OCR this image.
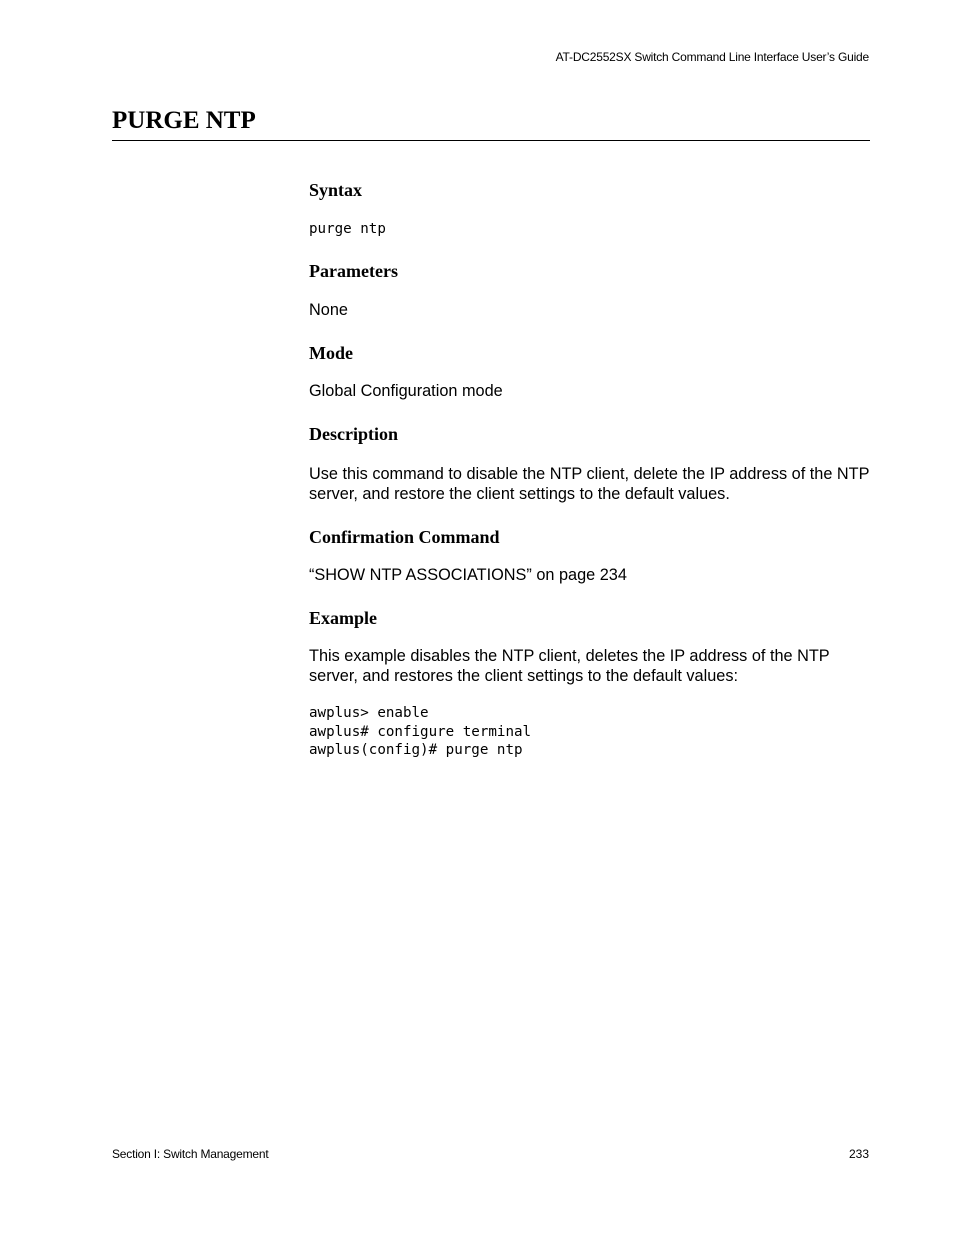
AT-DC2552SX Switch Command Line Interface User’s Guide
PURGE NTP
Syntax
purge ntp
Parameters

None

Mode

Global Configuration mode

Description

Use this command to disable the NTP client, delete the IP address of the NTP server, and restore the client settings to the default values.

Confirmation Command

“SHOW NTP ASSOCIATIONS” on page 234

Example

This example disables the NTP client, deletes the IP address of the NTP server, and restores the client settings to the default values:

awplus> enable
awplus# configure terminal
awplus(config)# purge ntp
Section I: Switch Management	233
